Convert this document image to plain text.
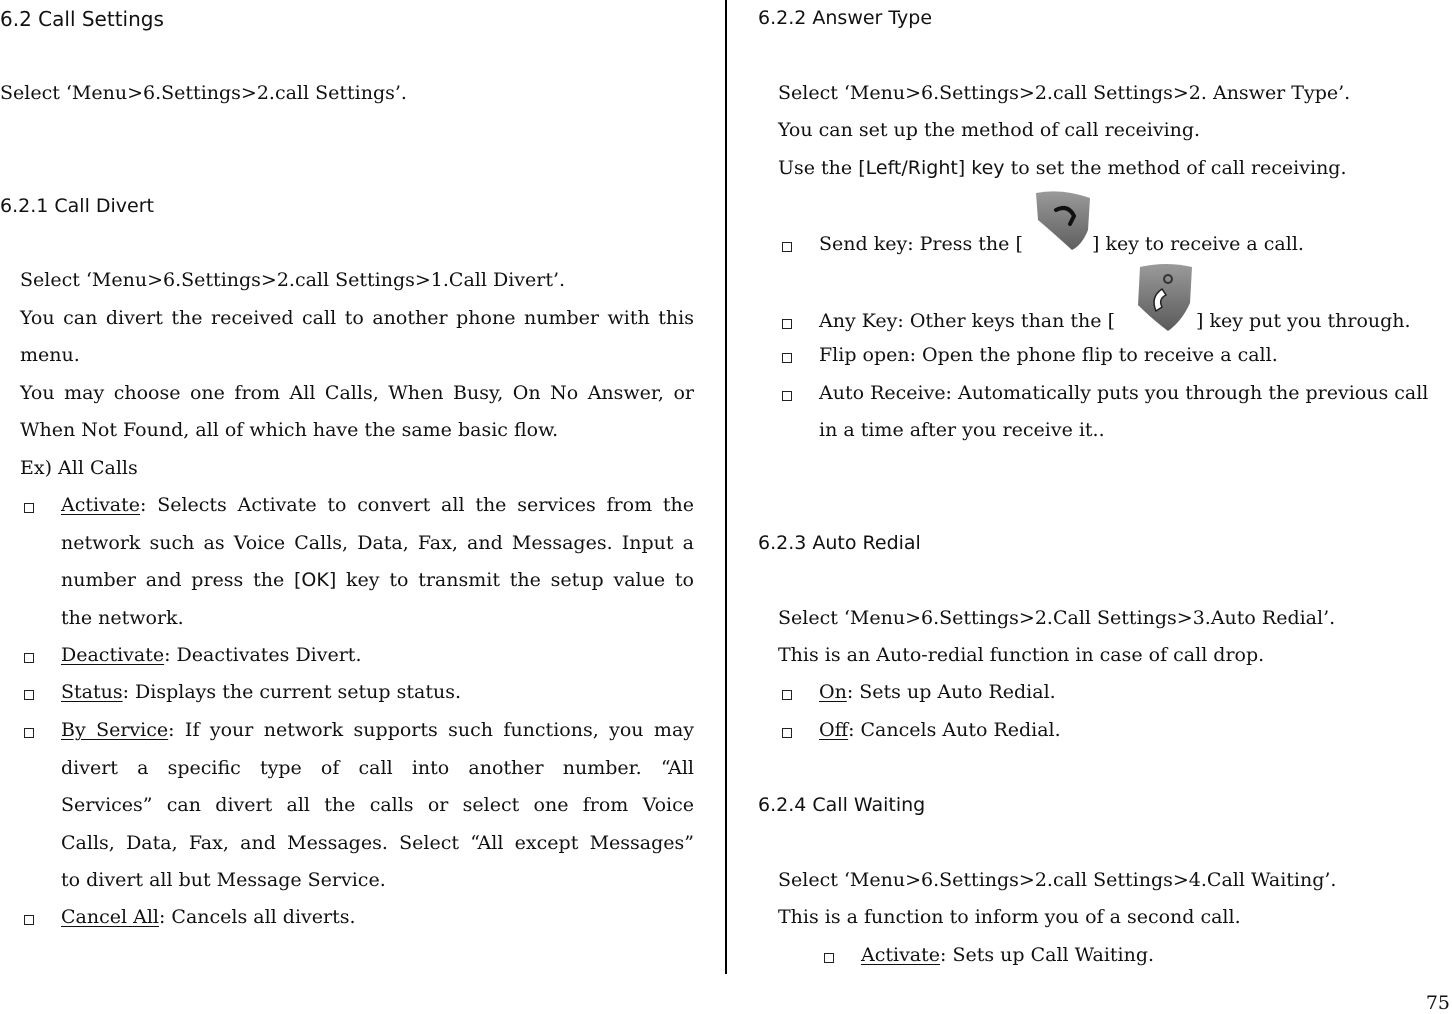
6.2 Call Settings
Select ‘Menu>6.Settings>2.call Settings’.
6.2.1 Call Divert
Select ‘Menu>6.Settings>2.call Settings>1.Call Divert’.
You can divert the received call to another phone number with this
menu.
You may choose one from All Calls, When Busy, On No Answer, or
When Not Found, all of which have the same basic flow.
Ex) All Calls
Activate: Selects Activate to convert all the services from the
network such as Voice Calls, Data, Fax, and Messages. Input a
number and press the [OK] key to transmit the setup value to
the network.
Deactivate: Deactivates Divert.
Status: Displays the current setup status.
By Service: If your network supports such functions, you may
divert a specific type of call into another number. “All
Services” can divert all the calls or select one from Voice
Calls, Data, Fax, and Messages. Select “All except Messages”
to divert all but Message Service.
Cancel All: Cancels all diverts.
6.2.2 Answer Type
Select ‘Menu>6.Settings>2.call Settings>2. Answer Type’.
You can set up the method of call receiving.
Use the [Left/Right] key to set the method of call receiving.
Send key: Press the [	] key to receive a call.
Any Key: Other keys than the [	] key put you through.
Flip open: Open the phone flip to receive a call.
Auto Receive: Automatically puts you through the previous call
in a time after you receive it..
6.2.3 Auto Redial
Select ‘Menu>6.Settings>2.Call Settings>3.Auto Redial’.
This is an Auto-redial function in case of call drop.
On: Sets up Auto Redial.
Off: Cancels Auto Redial.
6.2.4 Call Waiting
Select ‘Menu>6.Settings>2.call Settings>4.Call Waiting’.
This is a function to inform you of a second call.
Activate: Sets up Call Waiting.
75
